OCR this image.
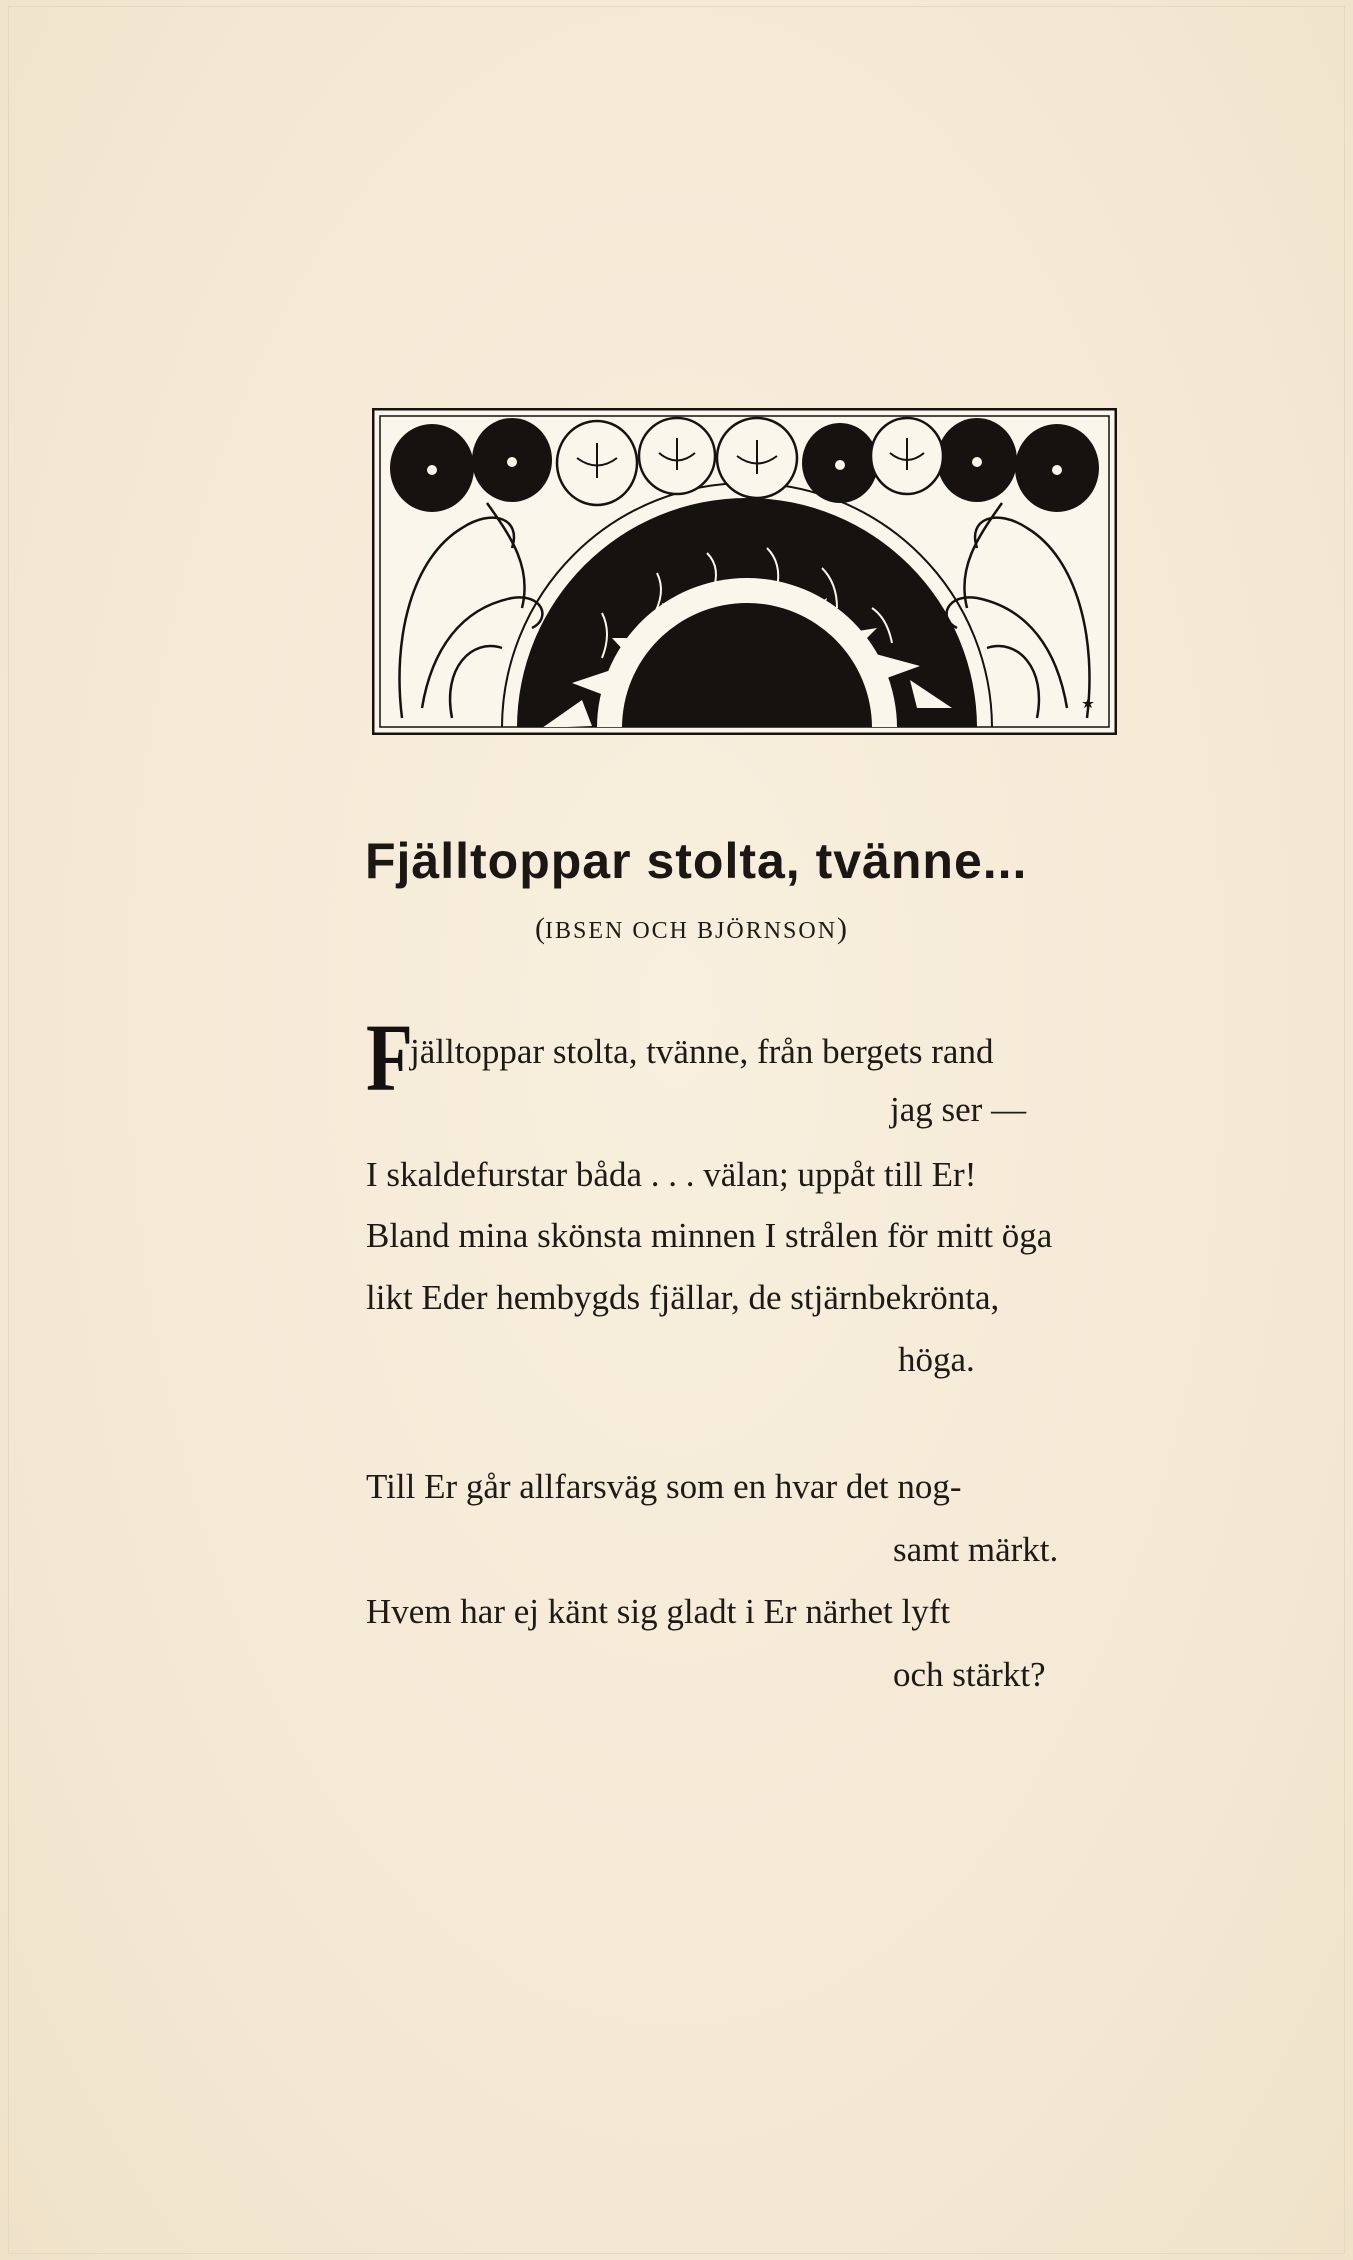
Fjälltoppar stolta, tvänne...
(IBSEN OCH BJÖRNSON)
F
jälltoppar stolta, tvänne, från bergets rand
jag ser —
I skaldefurstar båda . . . välan; uppåt till Er!
Bland mina skönsta minnen I strålen för mitt öga
likt Eder hembygds fjällar, de stjärnbekrönta,
höga.
Till Er går allfarsväg som en hvar det nog-
samt märkt.
Hvem har ej känt sig gladt i Er närhet lyft
och stärkt?
